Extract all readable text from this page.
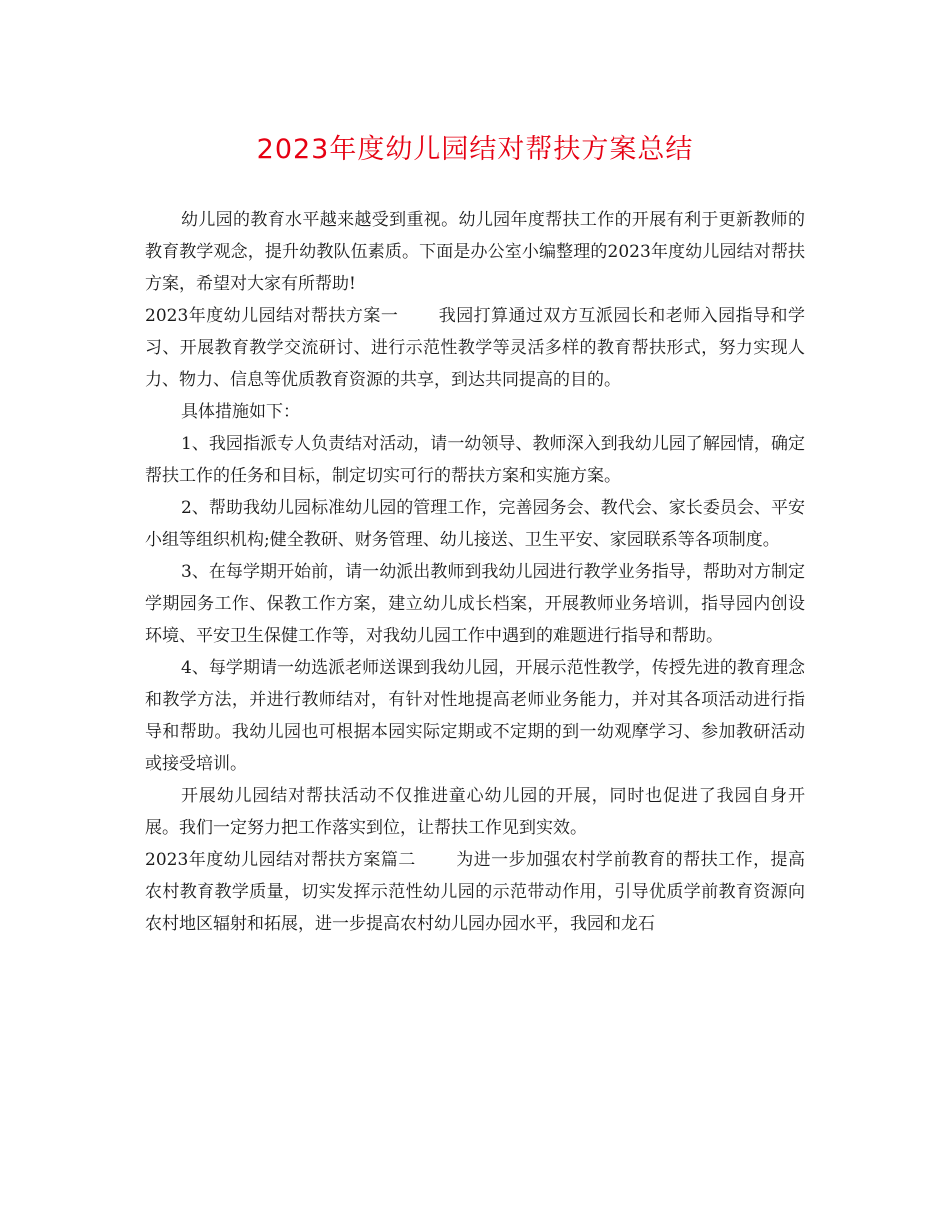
2023年度幼儿园结对帮扶方案总结

幼儿园的教育水平越来越受到重视。幼儿园年度帮扶工作的开展有利于更新教师的教育教学观念，提升幼教队伍素质。下面是办公室小编整理的2023年度幼儿园结对帮扶方案，希望对大家有所帮助!

2023年度幼儿园结对帮扶方案一 我园打算通过双方互派园长和老师入园指导和学习、开展教育教学交流研讨、进行示范性教学等灵活多样的教育帮扶形式，努力实现人力、物力、信息等优质教育资源的共享，到达共同提高的目的。

具体措施如下：

1、我园指派专人负责结对活动，请一幼领导、教师深入到我幼儿园了解园情，确定帮扶工作的任务和目标，制定切实可行的帮扶方案和实施方案。

2、帮助我幼儿园标准幼儿园的管理工作，完善园务会、教代会、家长委员会、平安小组等组织机构;健全教研、财务管理、幼儿接送、卫生平安、家园联系等各项制度。

3、在每学期开始前，请一幼派出教师到我幼儿园进行教学业务指导，帮助对方制定学期园务工作、保教工作方案，建立幼儿成长档案，开展教师业务培训，指导园内创设环境、平安卫生保健工作等，对我幼儿园工作中遇到的难题进行指导和帮助。

4、每学期请一幼选派老师送课到我幼儿园，开展示范性教学，传授先进的教育理念和教学方法，并进行教师结对，有针对性地提高老师业务能力，并对其各项活动进行指导和帮助。我幼儿园也可根据本园实际定期或不定期的到一幼观摩学习、参加教研活动或接受培训。

开展幼儿园结对帮扶活动不仅推进童心幼儿园的开展，同时也促进了我园自身开展。我们一定努力把工作落实到位，让帮扶工作见到实效。

2023年度幼儿园结对帮扶方案篇二 为进一步加强农村学前教育的帮扶工作，提高农村教育教学质量，切实发挥示范性幼儿园的示范带动作用，引导优质学前教育资源向农村地区辐射和拓展，进一步提高农村幼儿园办园水平，我园和龙石
